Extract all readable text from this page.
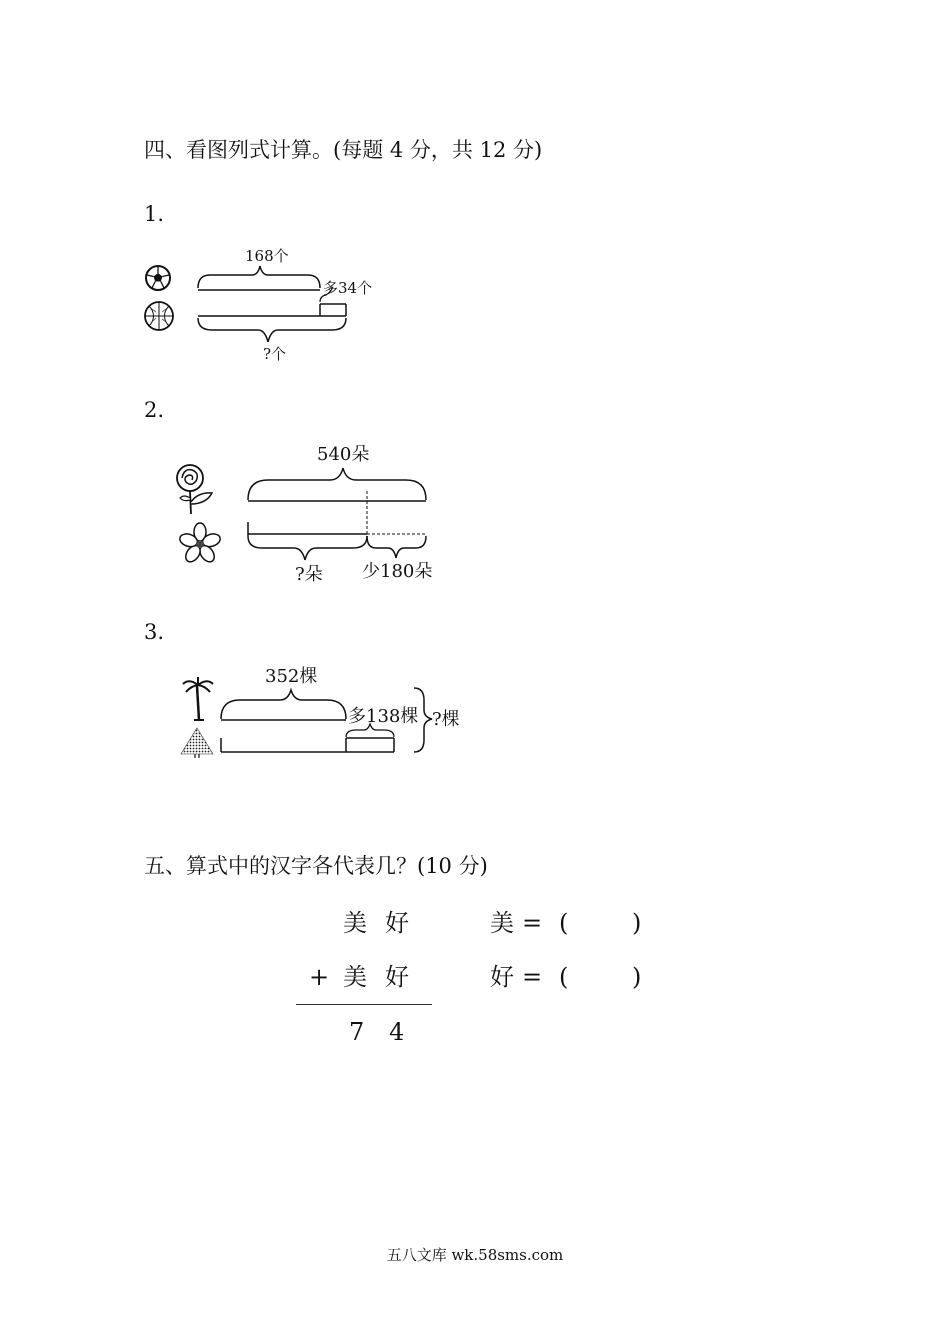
四、看图列式计算。(每题 4 分，共 12 分)
1.
168个
多34个
?个
2.
540朵
?朵 少180朵
3.
352棵
多138棵 ?棵
五、算式中的汉字各代表几？(10 分)
美 好
+ 美 好
7 4
美 = (	)
好 = (	)
五八文库 wk.58sms.com
